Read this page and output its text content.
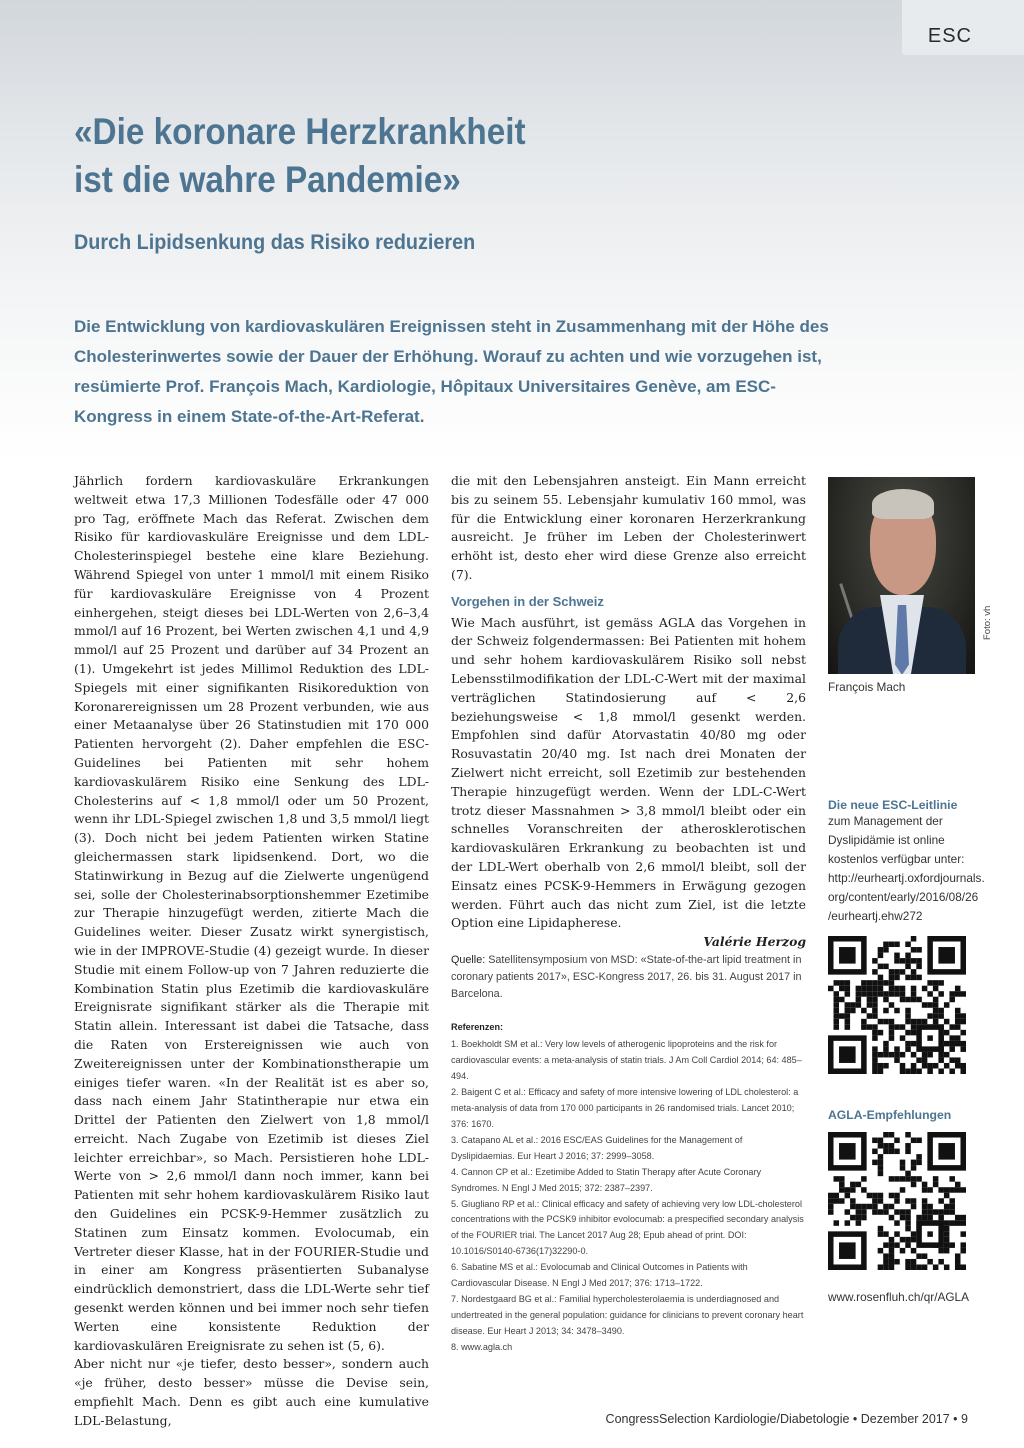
ESC
«Die koronare Herzkrankheit
ist die wahre Pandemie»
Durch Lipidsenkung das Risiko reduzieren

Die Entwicklung von kardiovaskulären Ereignissen steht in Zusammenhang mit der Höhe des Cholesterinwertes sowie der Dauer der Erhöhung. Worauf zu achten und wie vorzugehen ist, resümierte Prof. François Mach, Kardiologie, Hôpitaux Universitaires Genève, am ESC-Kongress in einem State-of-the-Art-Referat.

Jährlich fordern kardiovaskuläre Erkrankungen weltweit etwa 17,3 Millionen Todesfälle oder 47 000 pro Tag, eröffnete Mach das Referat. Zwischen dem Risiko für kardiovaskuläre Ereignisse und dem LDL-Cholesterinspiegel bestehe eine klare Beziehung. Während Spiegel von unter 1 mmol/l mit einem Risiko für kardiovaskuläre Ereignisse von 4 Prozent einhergehen, steigt dieses bei LDL-Werten von 2,6–3,4 mmol/l auf 16 Prozent, bei Werten zwischen 4,1 und 4,9 mmol/l auf 25 Prozent und darüber auf 34 Prozent an (1). Umgekehrt ist jedes Millimol Reduktion des LDL-Spiegels mit einer signifikanten Risikoreduktion von Koronarereignissen um 28 Prozent verbunden, wie aus einer Metaanalyse über 26 Statinstudien mit 170 000 Patienten hervorgeht (2). Daher empfehlen die ESC-Guidelines bei Patienten mit sehr hohem kardiovaskulärem Risiko eine Senkung des LDL-Cholesterins auf < 1,8 mmol/l oder um 50 Prozent, wenn ihr LDL-Spiegel zwischen 1,8 und 3,5 mmol/l liegt (3). Doch nicht bei jedem Patienten wirken Statine gleichermassen stark lipidsenkend. Dort, wo die Statinwirkung in Bezug auf die Zielwerte ungenügend sei, solle der Cholesterinabsorptionshemmer Ezetimibe zur Therapie hinzugefügt werden, zitierte Mach die Guidelines weiter. Dieser Zusatz wirkt synergistisch, wie in der IMPROVE-Studie (4) gezeigt wurde. In dieser Studie mit einem Follow-up von 7 Jahren reduzierte die Kombination Statin plus Ezetimib die kardiovaskuläre Ereignisrate signifikant stärker als die Therapie mit Statin allein. Interessant ist dabei die Tatsache, dass die Raten von Erstereignissen wie auch von Zweitereignissen unter der Kombinationstherapie um einiges tiefer waren. «In der Realität ist es aber so, dass nach einem Jahr Statintherapie nur etwa ein Drittel der Patienten den Zielwert von 1,8 mmol/l erreicht. Nach Zugabe von Ezetimib ist dieses Ziel leichter erreichbar», so Mach. Persistieren hohe LDL-Werte von > 2,6 mmol/l dann noch immer, kann bei Patienten mit sehr hohem kardiovaskulärem Risiko laut den Guidelines ein PCSK-9-Hemmer zusätzlich zu Statinen zum Einsatz kommen. Evolocumab, ein Vertreter dieser Klasse, hat in der FOURIER-Studie und in einer am Kongress präsentierten Subanalyse eindrücklich demonstriert, dass die LDL-Werte sehr tief gesenkt werden können und bei immer noch sehr tiefen Werten eine konsistente Reduktion der kardiovaskulären Ereignisrate zu sehen ist (5, 6).

Aber nicht nur «je tiefer, desto besser», sondern auch «je früher, desto besser» müsse die Devise sein, empfiehlt Mach. Denn es gibt auch eine kumulative LDL-Belastung,

die mit den Lebensjahren ansteigt. Ein Mann erreicht bis zu seinem 55. Lebensjahr kumulativ 160 mmol, was für die Entwicklung einer koronaren Herzerkrankung ausreicht. Je früher im Leben der Cholesterinwert erhöht ist, desto eher wird diese Grenze also erreicht (7).

Vorgehen in der Schweiz

Wie Mach ausführt, ist gemäss AGLA das Vorgehen in der Schweiz folgendermassen: Bei Patienten mit hohem und sehr hohem kardiovaskulärem Risiko soll nebst Lebensstilmodifikation der LDL-C-Wert mit der maximal verträglichen Statindosierung auf < 2,6 beziehungsweise < 1,8 mmol/l gesenkt werden. Empfohlen sind dafür Atorvastatin 40/80 mg oder Rosuvastatin 20/40 mg. Ist nach drei Monaten der Zielwert nicht erreicht, soll Ezetimib zur bestehenden Therapie hinzugefügt werden. Wenn der LDL-C-Wert trotz dieser Massnahmen > 3,8 mmol/l bleibt oder ein schnelles Voranschreiten der atherosklerotischen kardiovaskulären Erkrankung zu beobachten ist und der LDL-Wert oberhalb von 2,6 mmol/l bleibt, soll der Einsatz eines PCSK-9-Hemmers in Erwägung gezogen werden. Führt auch das nicht zum Ziel, ist die letzte Option eine Lipidapherese.

Valérie Herzog

Quelle: Satellitensymposium von MSD: «State-of-the-art lipid treatment in coronary patients 2017», ESC-Kongress 2017, 26. bis 31. August 2017 in Barcelona.

Referenzen:
1. Boekholdt SM et al.: Very low levels of atherogenic lipoproteins and the risk for cardiovascular events: a meta-analysis of statin trials. J Am Coll Cardiol 2014; 64: 485–494.
2. Baigent C et al.: Efficacy and safety of more intensive lowering of LDL cholesterol: a meta-analysis of data from 170 000 participants in 26 randomised trials. Lancet 2010; 376: 1670.
3. Catapano AL et al.: 2016 ESC/EAS Guidelines for the Management of Dyslipidaemias. Eur Heart J 2016; 37: 2999–3058.
4. Cannon CP et al.: Ezetimibe Added to Statin Therapy after Acute Coronary Syndromes. N Engl J Med 2015; 372: 2387–2397.
5. Giugliano RP et al.: Clinical efficacy and safety of achieving very low LDL-cholesterol concentrations with the PCSK9 inhibitor evolocumab: a prespecified secondary analysis of the FOURIER trial. The Lancet 2017 Aug 28; Epub ahead of print. DOI: 10.1016/S0140-6736(17)32290-0.
6. Sabatine MS et al.: Evolocumab and Clinical Outcomes in Patients with Cardiovascular Disease. N Engl J Med 2017; 376: 1713–1722.
7. Nordestgaard BG et al.: Familial hypercholesterolaemia is underdiagnosed and undertreated in the general population: guidance for clinicians to prevent coronary heart disease. Eur Heart J 2013; 34: 3478–3490.
8. www.agla.ch
François Mach
Die neue ESC-Leitlinie
zum Management der
Dyslipidämie ist online
kostenlos verfügbar unter:
http://eurheartj.oxfordjournals.
org/content/early/2016/08/26
/eurheartj.ehw272
AGLA-Empfehlungen
www.rosenfluh.ch/qr/AGLA
Foto: vh
CongressSelection Kardiologie/Diabetologie • Dezember 2017 • 9
